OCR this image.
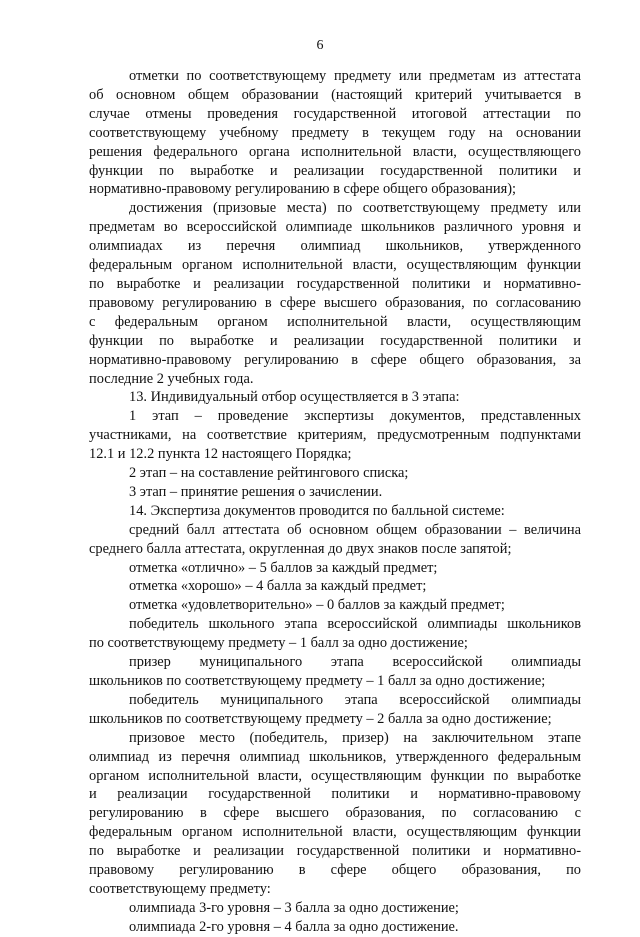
6
отметки по соответствующему предмету или предметам из аттестата
об основном общем образовании (настоящий критерий учитывается в
случае отмены проведения государственной итоговой аттестации по
соответствующему учебному предмету в текущем году на основании
решения федерального органа исполнительной власти, осуществляющего
функции по выработке и реализации государственной политики и
нормативно-правовому регулированию в сфере общего образования);
достижения (призовые места) по соответствующему предмету или
предметам во всероссийской олимпиаде школьников различного уровня и
олимпиадах из перечня олимпиад школьников, утвержденного
федеральным органом исполнительной власти, осуществляющим функции
по выработке и реализации государственной политики и нормативно-
правовому регулированию в сфере высшего образования, по согласованию
с федеральным органом исполнительной власти, осуществляющим
функции по выработке и реализации государственной политики и
нормативно-правовому регулированию в сфере общего образования, за
последние 2 учебных года.
13. Индивидуальный отбор осуществляется в 3 этапа:
1 этап – проведение экспертизы документов, представленных
участниками, на соответствие критериям, предусмотренным подпунктами
12.1 и 12.2 пункта 12 настоящего Порядка;
2 этап – на составление рейтингового списка;
3 этап – принятие решения о зачислении.
14. Экспертиза документов проводится по балльной системе:
средний балл аттестата об основном общем образовании – величина
среднего балла аттестата, округленная до двух знаков после запятой;
отметка «отлично» – 5 баллов за каждый предмет;
отметка «хорошо» – 4 балла за каждый предмет;
отметка «удовлетворительно» – 0 баллов за каждый предмет;
победитель школьного этапа всероссийской олимпиады школьников
по соответствующему предмету – 1 балл за одно достижение;
призер муниципального этапа всероссийской олимпиады
школьников по соответствующему предмету – 1 балл за одно достижение;
победитель муниципального этапа всероссийской олимпиады
школьников по соответствующему предмету – 2 балла за одно достижение;
призовое место (победитель, призер) на заключительном этапе
олимпиад из перечня олимпиад школьников, утвержденного федеральным
органом исполнительной власти, осуществляющим функции по выработке
и реализации государственной политики и нормативно-правовому
регулированию в сфере высшего образования, по согласованию с
федеральным органом исполнительной власти, осуществляющим функции
по выработке и реализации государственной политики и нормативно-
правовому регулированию в сфере общего образования, по
соответствующему предмету:
олимпиада 3-го уровня – 3 балла за одно достижение;
олимпиада 2-го уровня – 4 балла за одно достижение.
